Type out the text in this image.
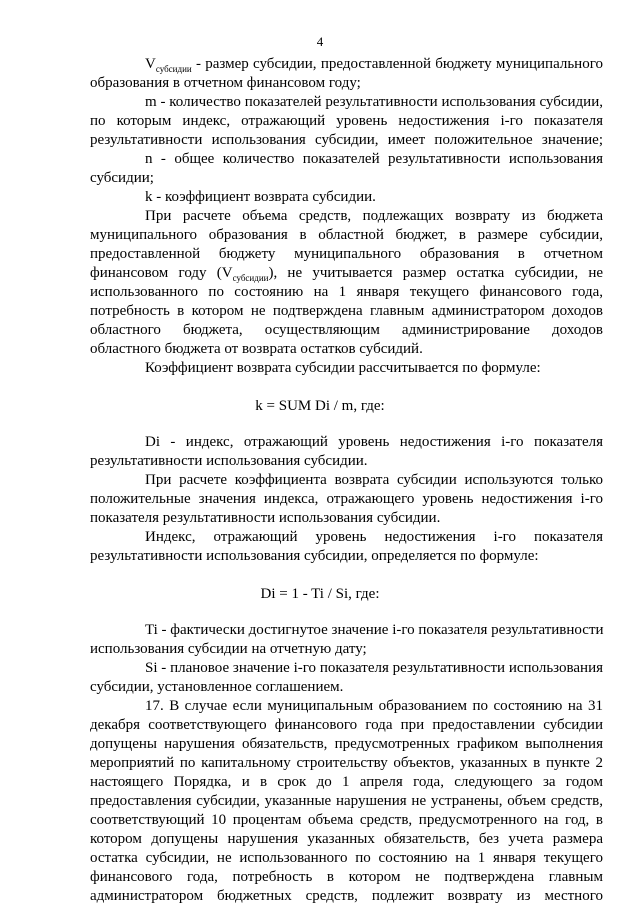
4
$V_{субсидии}$ - размер субсидии, предоставленной бюджету муниципального
образования в отчетном финансовом году;
m - количество показателей результативности использования субсидии,
по которым индекс, отражающий уровень недостижения i-го показателя
результативности использования субсидии, имеет положительное значение;
n - общее количество показателей результативности использования
субсидии;
k - коэффициент возврата субсидии.
При расчете объема средств, подлежащих возврату из бюджета
муниципального образования в областной бюджет, в размере субсидии,
предоставленной бюджету муниципального образования в отчетном
финансовом году $(V_{субсидии})$, не учитывается размер остатка субсидии, не
использованного по состоянию на 1 января текущего финансового года,
потребность в котором не подтверждена главным администратором доходов
областного бюджета, осуществляющим администрирование доходов
областного бюджета от возврата остатков субсидий.
Коэффициент возврата субсидии рассчитывается по формуле:
k = SUM Di / m, где:
Di - индекс, отражающий уровень недостижения i-го показателя
результативности использования субсидии.
При расчете коэффициента возврата субсидии используются только
положительные значения индекса, отражающего уровень недостижения i-го
показателя результативности использования субсидии.
Индекс, отражающий уровень недостижения i-го показателя
результативности использования субсидии, определяется по формуле:
Di = 1 - Ti / Si, где:
Ti - фактически достигнутое значение i-го показателя результативности
использования субсидии на отчетную дату;
Si - плановое значение i-го показателя результативности использования
субсидии, установленное соглашением.
17. В случае если муниципальным образованием по состоянию на 31
декабря соответствующего финансового года при предоставлении субсидии
допущены нарушения обязательств, предусмотренных графиком выполнения
мероприятий по капитальному строительству объектов, указанных в пункте 2
настоящего Порядка, и в срок до 1 апреля года, следующего за годом
предоставления субсидии, указанные нарушения не устранены, объем средств,
соответствующий 10 процентам объема средств, предусмотренного на год, в
котором допущены нарушения указанных обязательств, без учета размера
остатка субсидии, не использованного по состоянию на 1 января текущего
финансового года, потребность в котором не подтверждена главным
администратором бюджетных средств, подлежит возврату из местного
